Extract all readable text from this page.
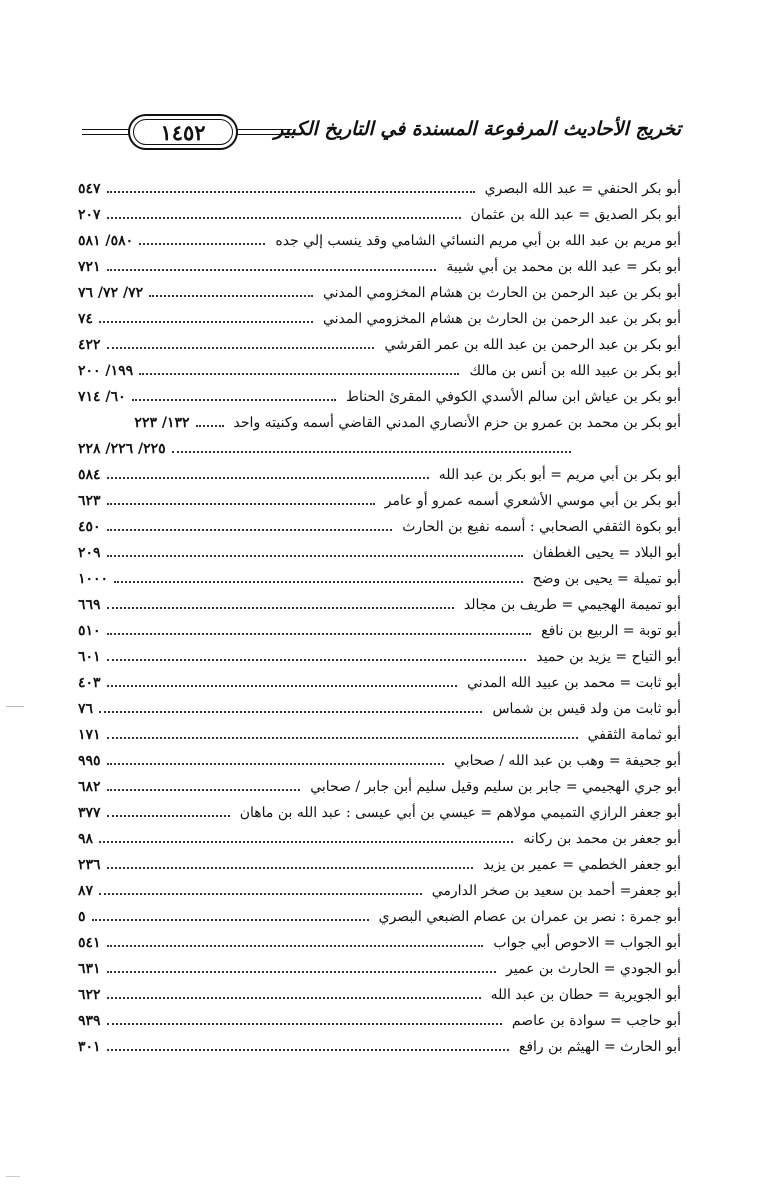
١٤٥٢	تخريج الأحاديث المرفوعة المسندة في التاريخ الكبير
أبو بكر الحنفي = عبد الله البصري
٥٤٧
أبو بكر الصديق = عبد الله بن عثمان
٢٠٧
أبو مريم بن عبد الله بن أبي مريم النسائي الشامي وقد ينسب إلي جده
٥٨٠/ ٥٨١
أبو بكر = عبد الله بن محمد بن أبي شيبة
٧٢١
أبو بكر بن عبد الرحمن بن الحارث بن هشام المخزومي المدني
٧٢/ ٧٢/ ٧٦
أبو بكر بن عبد الرحمن بن الحارث بن هشام المخزومي المدني
٧٤
أبو بكر بن عبد الرحمن بن عبد الله بن عمر القرشي
٤٢٢
أبو بكر بن عبيد الله بن أنس بن مالك
١٩٩/ ٢٠٠
أبو بكر بن عياش ابن سالم الأسدي الكوفي المقرئ الحناط
٦٠/ ٧١٤
أبو بكر بن محمد بن عمرو بن حزم الأنصاري المدني القاضي أسمه وكنيته واحد
١٣٢/ ٢٢٣
٢٢٥/ ٢٢٦/ ٢٢٨
أبو بكر بن أبي مريم = أبو بكر بن عبد الله
٥٨٤
أبو بكر بن أبي موسي الأشعري أسمه عمرو أو عامر
٦٢٣
أبو بكوة الثقفي الصحابي : أسمه نفيع بن الحارث
٤٥٠
أبو البلاد = يحيى الغطفان
٢٠٩
أبو تميلة = يحيى بن وضح
١٠٠٠
أبو تميمة الهجيمي = طريف بن مجالد
٦٦٩
أبو توبة = الربيع بن نافع
٥١٠
أبو التياح = يزيد بن حميد
٦٠١
أبو ثابت = محمد بن عبيد الله المدني
٤٠٣
أبو ثابت من ولد قيس بن شماس
٧٦
أبو ثمامة الثقفي
١٧١
أبو جحيفة = وهب بن عبد الله / صحابي
٩٩٥
أبو جري الهجيمي = جابر بن سليم وقيل سليم أبن جابر / صحابي
٦٨٢
أبو جعفر الرازي التميمي مولاهم = عيسي بن أبي عيسى : عبد الله بن ماهان
٣٧٧
أبو جعفر بن محمد بن ركانه
٩٨
أبو جعفر الخطمي = عمير بن يزيد
٢٣٦
أبو جعفر= أحمد بن سعيد بن صخر الدارمي
٨٧
أبو جمرة : نصر بن عمران بن عصام الضبعي البصري
٥
أبو الجواب = الاحوص أبي جواب
٥٤١
أبو الجودي = الحارث بن عمير
٦٣١
أبو الجويرية = حطان بن عبد الله
٦٢٢
أبو حاجب = سوادة بن عاصم
٩٣٩
أبو الحارث = الهيثم بن رافع
٣٠١
